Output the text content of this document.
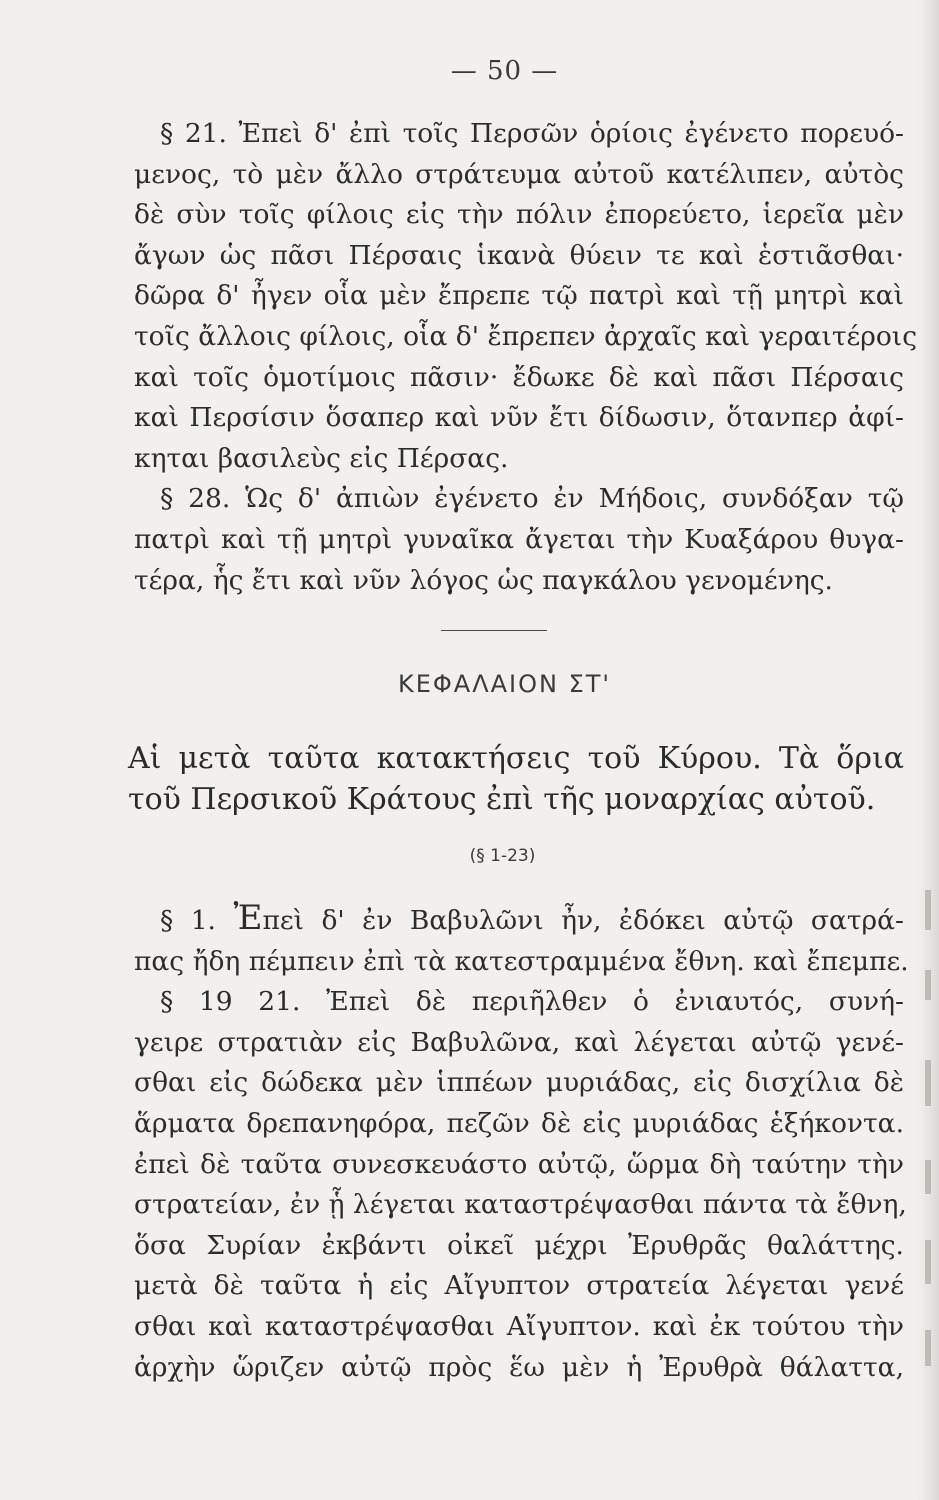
— 50 —
§ 21. Ἐπεὶ δ' ἐπὶ τοῖς Περσῶν ὁρίοις ἐγένετο πορευό-
μενος, τὸ μὲν ἄλλο στράτευμα αὐτοῦ κατέλιπεν, αὐτὸς
δὲ σὺν τοῖς φίλοις εἰς τὴν πόλιν ἐπορεύετο, ἱερεῖα μὲν
ἄγων ὡς πᾶσι Πέρσαις ἱκανὰ θύειν τε καὶ ἑστιᾶσθαι·
δῶρα δ' ἦγεν οἷα μὲν ἔπρεπε τῷ πατρὶ καὶ τῇ μητρὶ καὶ
τοῖς ἄλλοις φίλοις, οἷα δ' ἔπρεπεν ἀρχαῖς καὶ γεραιτέροις
καὶ τοῖς ὁμοτίμοις πᾶσιν· ἔδωκε δὲ καὶ πᾶσι Πέρσαις
καὶ Περσίσιν ὅσαπερ καὶ νῦν ἔτι δίδωσιν, ὅτανπερ ἀφί-
κηται βασιλεὺς εἰς Πέρσας.
§ 28. Ὡς δ' ἀπιὼν ἐγένετο ἐν Μήδοις, συνδόξαν τῷ
πατρὶ καὶ τῇ μητρὶ γυναῖκα ἄγεται τὴν Κυαξάρου θυγα-
τέρα, ἧς ἔτι καὶ νῦν λόγος ὡς παγκάλου γενομένης.
ΚΕΦΑΛΑΙΟΝ ΣΤ'
Αἱ μετὰ ταῦτα κατακτήσεις τοῦ Κύρου. Τὰ ὅρια
τοῦ Περσικοῦ Κράτους ἐπὶ τῆς μοναρχίας αὐτοῦ.
(§ 1-23)
§ 1. Ἐπεὶ δ' ἐν Βαβυλῶνι ἦν, ἐδόκει αὐτῷ σατρά-
πας ἤδη πέμπειν ἐπὶ τὰ κατεστραμμένα ἔθνη. καὶ ἔπεμπε.
§ 19 21. Ἐπεὶ δὲ περιῆλθεν ὁ ἐνιαυτός, συνή-
γειρε στρατιὰν εἰς Βαβυλῶνα, καὶ λέγεται αὐτῷ γενέ-
σθαι εἰς δώδεκα μὲν ἱππέων μυριάδας, εἰς δισχίλια δὲ
ἅρματα δρεπανηφόρα, πεζῶν δὲ εἰς μυριάδας ἑξήκοντα.
ἐπεὶ δὲ ταῦτα συνεσκευάστο αὐτῷ, ὥρμα δὴ ταύτην τὴν
στρατείαν, ἐν ᾗ λέγεται καταστρέψασθαι πάντα τὰ ἔθνη,
ὅσα Συρίαν ἐκβάντι οἰκεῖ μέχρι Ἐρυθρᾶς θαλάττης.
μετὰ δὲ ταῦτα ἡ εἰς Αἴγυπτον στρατεία λέγεται γενέ
σθαι καὶ καταστρέψασθαι Αἴγυπτον. καὶ ἐκ τούτου τὴν
ἀρχὴν ὥριζεν αὐτῷ πρὸς ἕω μὲν ἡ Ἐρυθρὰ θάλαττα,
